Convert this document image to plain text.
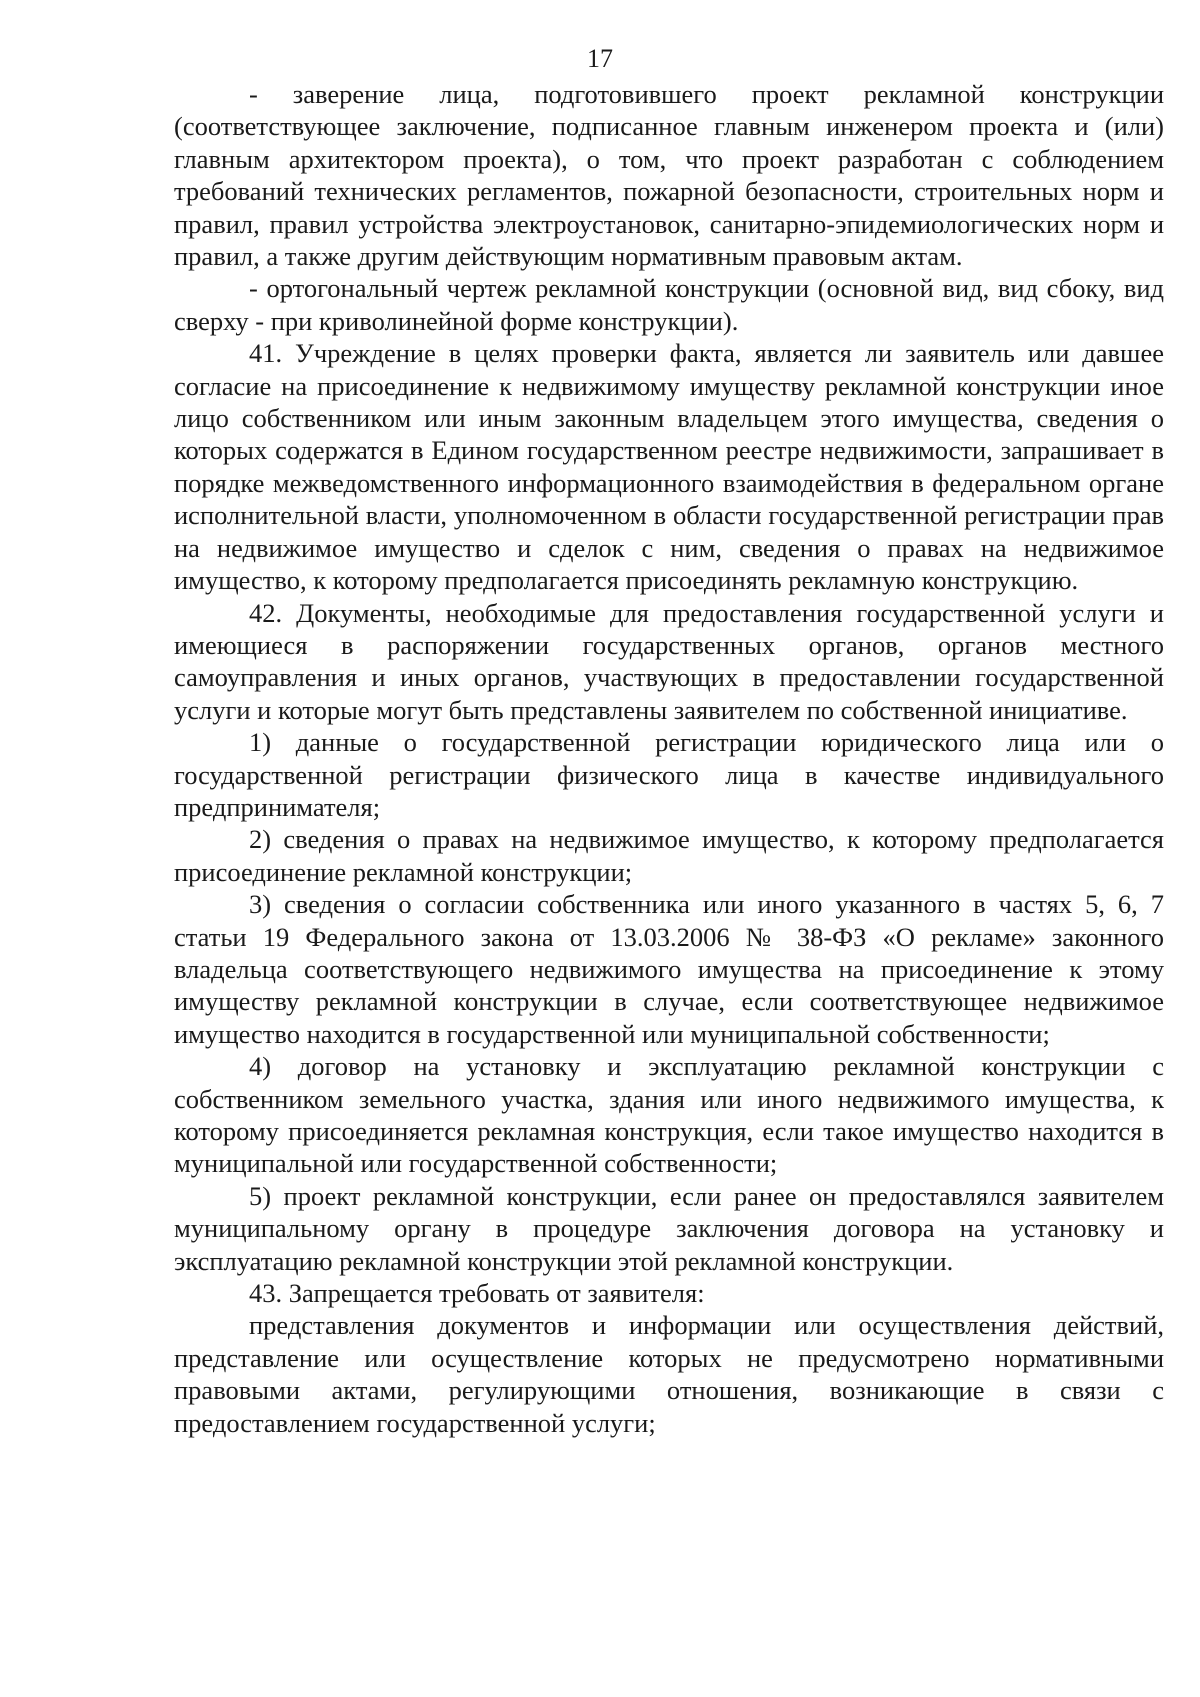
17

- заверение лица, подготовившего проект рекламной конструкции (соответствующее заключение, подписанное главным инженером проекта и (или) главным архитектором проекта), о том, что проект разработан с соблюдением требований технических регламентов, пожарной безопасности, строительных норм и правил, правил устройства электроустановок, санитарно-эпидемиологических норм и правил, а также другим действующим нормативным правовым актам.

- ортогональный чертеж рекламной конструкции (основной вид, вид сбоку, вид сверху - при криволинейной форме конструкции).

41. Учреждение в целях проверки факта, является ли заявитель или давшее согласие на присоединение к недвижимому имуществу рекламной конструкции иное лицо собственником или иным законным владельцем этого имущества, сведения о которых содержатся в Едином государственном реестре недвижимости, запрашивает в порядке межведомственного информационного взаимодействия в федеральном органе исполнительной власти, уполномоченном в области государственной регистрации прав на недвижимое имущество и сделок с ним, сведения о правах на недвижимое имущество, к которому предполагается присоединять рекламную конструкцию.

42. Документы, необходимые для предоставления государственной услуги и имеющиеся в распоряжении государственных органов, органов местного самоуправления и иных органов, участвующих в предоставлении государственной услуги и которые могут быть представлены заявителем по собственной инициативе.

1) данные о государственной регистрации юридического лица или о государственной регистрации физического лица в качестве индивидуального предпринимателя;

2) сведения о правах на недвижимое имущество, к которому предполагается присоединение рекламной конструкции;

3) сведения о согласии собственника или иного указанного в частях 5, 6, 7 статьи 19 Федерального закона от 13.03.2006 № 38-ФЗ «О рекламе» законного владельца соответствующего недвижимого имущества на присоединение к этому имуществу рекламной конструкции в случае, если соответствующее недвижимое имущество находится в государственной или муниципальной собственности;

4) договор на установку и эксплуатацию рекламной конструкции с собственником земельного участка, здания или иного недвижимого имущества, к которому присоединяется рекламная конструкция, если такое имущество находится в муниципальной или государственной собственности;

5) проект рекламной конструкции, если ранее он предоставлялся заявителем муниципальному органу в процедуре заключения договора на установку и эксплуатацию рекламной конструкции этой рекламной конструкции.

43. Запрещается требовать от заявителя:

представления документов и информации или осуществления действий, представление или осуществление которых не предусмотрено нормативными правовыми актами, регулирующими отношения, возникающие в связи с предоставлением государственной услуги;
